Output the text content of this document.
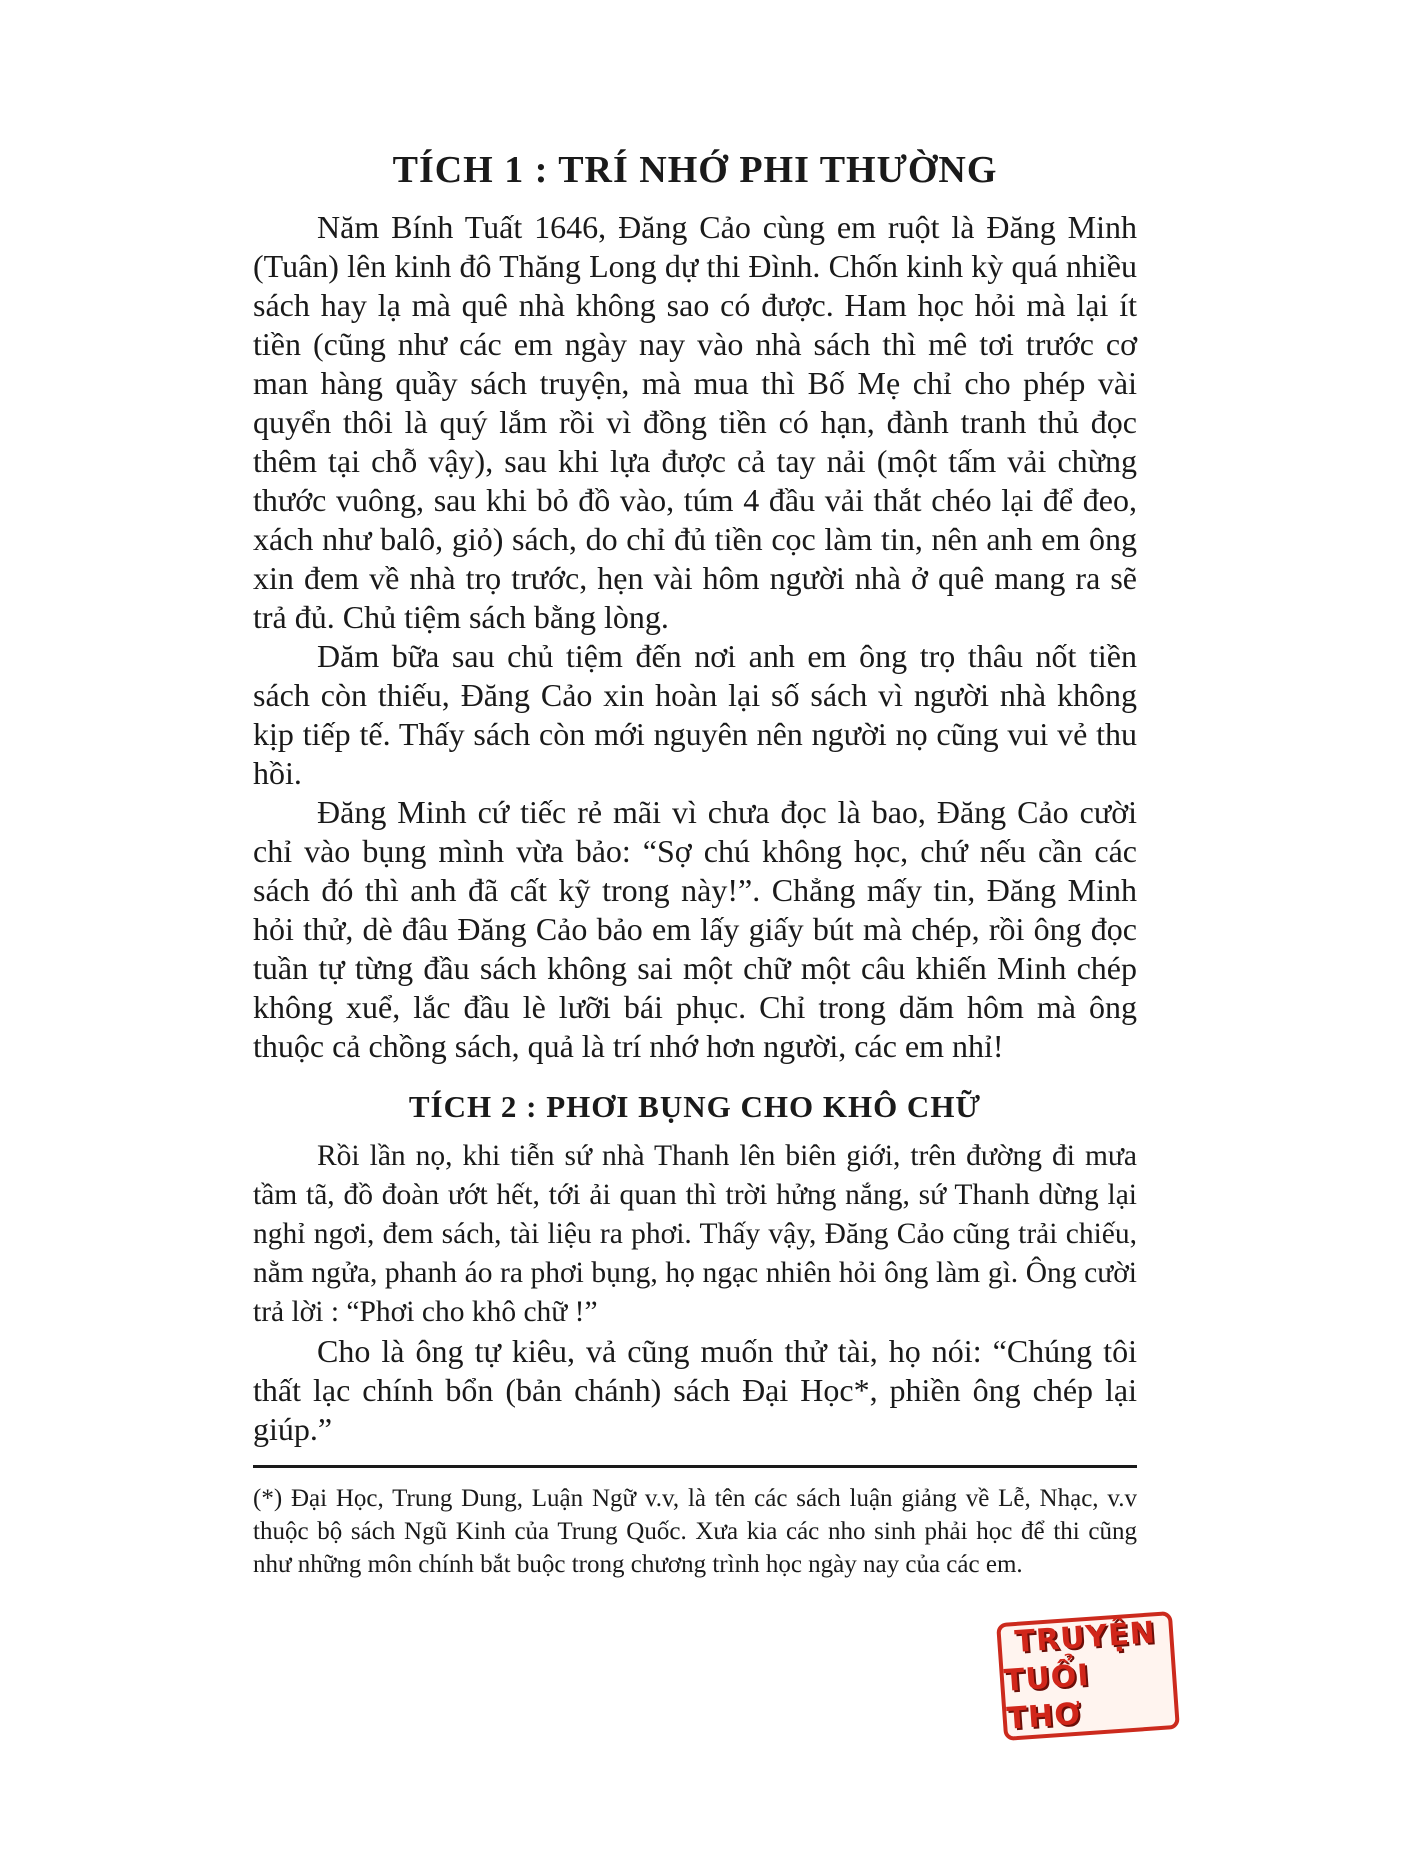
TÍCH 1 : TRÍ NHỚ PHI THƯỜNG

Năm Bính Tuất 1646, Đăng Cảo cùng em ruột là Đăng Minh (Tuân) lên kinh đô Thăng Long dự thi Đình. Chốn kinh kỳ quá nhiều sách hay lạ mà quê nhà không sao có được. Ham học hỏi mà lại ít tiền (cũng như các em ngày nay vào nhà sách thì mê tơi trước cơ man hàng quầy sách truyện, mà mua thì Bố Mẹ chỉ cho phép vài quyển thôi là quý lắm rồi vì đồng tiền có hạn, đành tranh thủ đọc thêm tại chỗ vậy), sau khi lựa được cả tay nải (một tấm vải chừng thước vuông, sau khi bỏ đồ vào, túm 4 đầu vải thắt chéo lại để đeo, xách như balô, giỏ) sách, do chỉ đủ tiền cọc làm tin, nên anh em ông xin đem về nhà trọ trước, hẹn vài hôm người nhà ở quê mang ra sẽ trả đủ. Chủ tiệm sách bằng lòng.

Dăm bữa sau chủ tiệm đến nơi anh em ông trọ thâu nốt tiền sách còn thiếu, Đăng Cảo xin hoàn lại số sách vì người nhà không kịp tiếp tế. Thấy sách còn mới nguyên nên người nọ cũng vui vẻ thu hồi.

Đăng Minh cứ tiếc rẻ mãi vì chưa đọc là bao, Đăng Cảo cười chỉ vào bụng mình vừa bảo: “Sợ chú không học, chứ nếu cần các sách đó thì anh đã cất kỹ trong này!”. Chẳng mấy tin, Đăng Minh hỏi thử, dè đâu Đăng Cảo bảo em lấy giấy bút mà chép, rồi ông đọc tuần tự từng đầu sách không sai một chữ một câu khiến Minh chép không xuể, lắc đầu lè lưỡi bái phục. Chỉ trong dăm hôm mà ông thuộc cả chồng sách, quả là trí nhớ hơn người, các em nhỉ!

TÍCH 2 : PHƠI BỤNG CHO KHÔ CHỮ

Rồi lần nọ, khi tiễn sứ nhà Thanh lên biên giới, trên đường đi mưa tầm tã, đồ đoàn ướt hết, tới ải quan thì trời hửng nắng, sứ Thanh dừng lại nghỉ ngơi, đem sách, tài liệu ra phơi. Thấy vậy, Đăng Cảo cũng trải chiếu, nằm ngửa, phanh áo ra phơi bụng, họ ngạc nhiên hỏi ông làm gì. Ông cười trả lời : “Phơi cho khô chữ !”

Cho là ông tự kiêu, vả cũng muốn thử tài, họ nói: “Chúng tôi thất lạc chính bổn (bản chánh) sách Đại Học*, phiền ông chép lại giúp.”

(*) Đại Học, Trung Dung, Luận Ngữ v.v, là tên các sách luận giảng về Lễ, Nhạc, v.v thuộc bộ sách Ngũ Kinh của Trung Quốc. Xưa kia các nho sinh phải học để thi cũng như những môn chính bắt buộc trong chương trình học ngày nay của các em.

TRUYỆN
TUỔI THƠ
